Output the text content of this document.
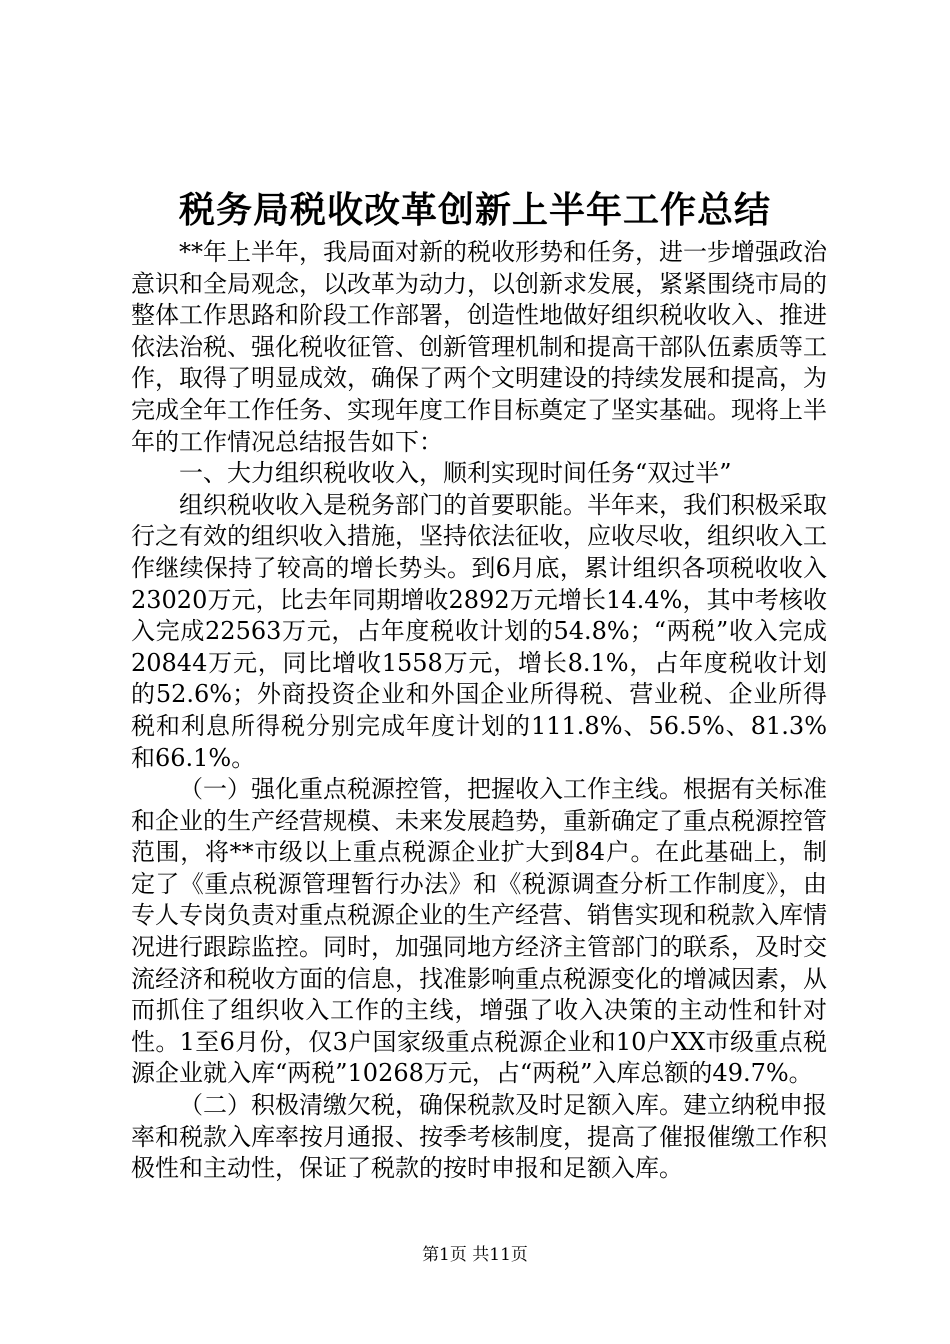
税务局税收改革创新上半年工作总结

**年上半年，我局面对新的税收形势和任务，进一步增强政治意识和全局观念，以改革为动力，以创新求发展，紧紧围绕市局的整体工作思路和阶段工作部署，创造性地做好组织税收收入、推进依法治税、强化税收征管、创新管理机制和提高干部队伍素质等工作，取得了明显成效，确保了两个文明建设的持续发展和提高，为完成全年工作任务、实现年度工作目标奠定了坚实基础。现将上半年的工作情况总结报告如下：

一、大力组织税收收入，顺利实现时间任务“双过半”

组织税收收入是税务部门的首要职能。半年来，我们积极采取行之有效的组织收入措施，坚持依法征收，应收尽收，组织收入工作继续保持了较高的增长势头。到6月底，累计组织各项税收收入23020万元，比去年同期增收2892万元增长14.4%，其中考核收入完成22563万元，占年度税收计划的54.8%；“两税”收入完成20844万元，同比增收1558万元，增长8.1%，占年度税收计划的52.6%；外商投资企业和外国企业所得税、营业税、企业所得税和利息所得税分别完成年度计划的111.8%、56.5%、81.3%和66.1%。

（一）强化重点税源控管，把握收入工作主线。根据有关标准和企业的生产经营规模、未来发展趋势，重新确定了重点税源控管范围，将**市级以上重点税源企业扩大到84户。在此基础上，制定了《重点税源管理暂行办法》和《税源调查分析工作制度》，由专人专岗负责对重点税源企业的生产经营、销售实现和税款入库情况进行跟踪监控。同时，加强同地方经济主管部门的联系，及时交流经济和税收方面的信息，找准影响重点税源变化的增减因素，从而抓住了组织收入工作的主线，增强了收入决策的主动性和针对性。1至6月份，仅3户国家级重点税源企业和10户XX市级重点税源企业就入库“两税”10268万元，占“两税”入库总额的49.7%。

（二）积极清缴欠税，确保税款及时足额入库。建立纳税申报率和税款入库率按月通报、按季考核制度，提高了催报催缴工作积极性和主动性，保证了税款的按时申报和足额入库。

第1页 共11页
